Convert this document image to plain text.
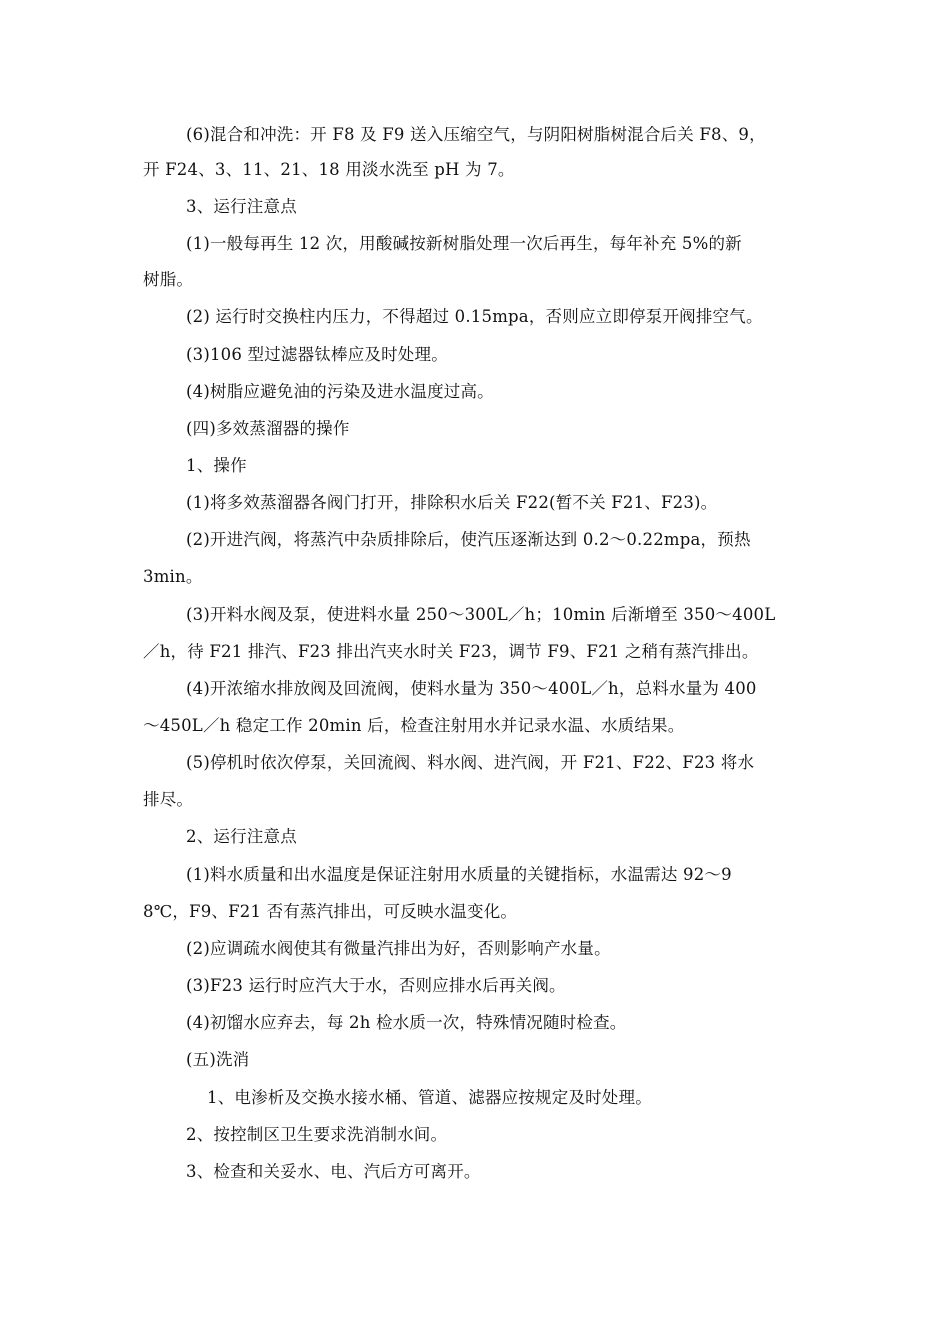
(6)混合和冲洗：开 F8 及 F9 送入压缩空气，与阴阳树脂树混合后关 F8、9，
开 F24、3、11、21、18 用淡水洗至 pH 为 7。
3、运行注意点
(1)一般每再生 12 次，用酸碱按新树脂处理一次后再生，每年补充 5%的新
树脂。
(2) 运行时交换柱内压力，不得超过 0.15mpa，否则应立即停泵开阀排空气。
(3)106 型过滤器钛棒应及时处理。
(4)树脂应避免油的污染及进水温度过高。
(四)多效蒸溜器的操作
1、操作
(1)将多效蒸溜器各阀门打开，排除积水后关 F22(暂不关 F21、F23)。
(2)开进汽阀，将蒸汽中杂质排除后，使汽压逐渐达到 0.2～0.22mpa，预热
3min。
(3)开料水阀及泵，使进料水量 250～300L／h；10min 后渐增至 350～400L
／h，待 F21 排汽、F23 排出汽夹水时关 F23，调节 F9、F21 之稍有蒸汽排出。
(4)开浓缩水排放阀及回流阀，使料水量为 350～400L／h，总料水量为 400
～450L／h 稳定工作 20min 后，检查注射用水并记录水温、水质结果。
(5)停机时依次停泵，关回流阀、料水阀、进汽阀，开 F21、F22、F23 将水
排尽。
2、运行注意点
(1)料水质量和出水温度是保证注射用水质量的关键指标，水温需达 92～9
8℃，F9、F21 否有蒸汽排出，可反映水温变化。
(2)应调疏水阀使其有微量汽排出为好，否则影响产水量。
(3)F23 运行时应汽大于水，否则应排水后再关阀。
(4)初馏水应弃去，每 2h 检水质一次，特殊情况随时检查。
(五)洗消
1、电渗析及交换水接水桶、管道、滤器应按规定及时处理。
2、按控制区卫生要求洗消制水间。
3、检查和关妥水、电、汽后方可离开。
